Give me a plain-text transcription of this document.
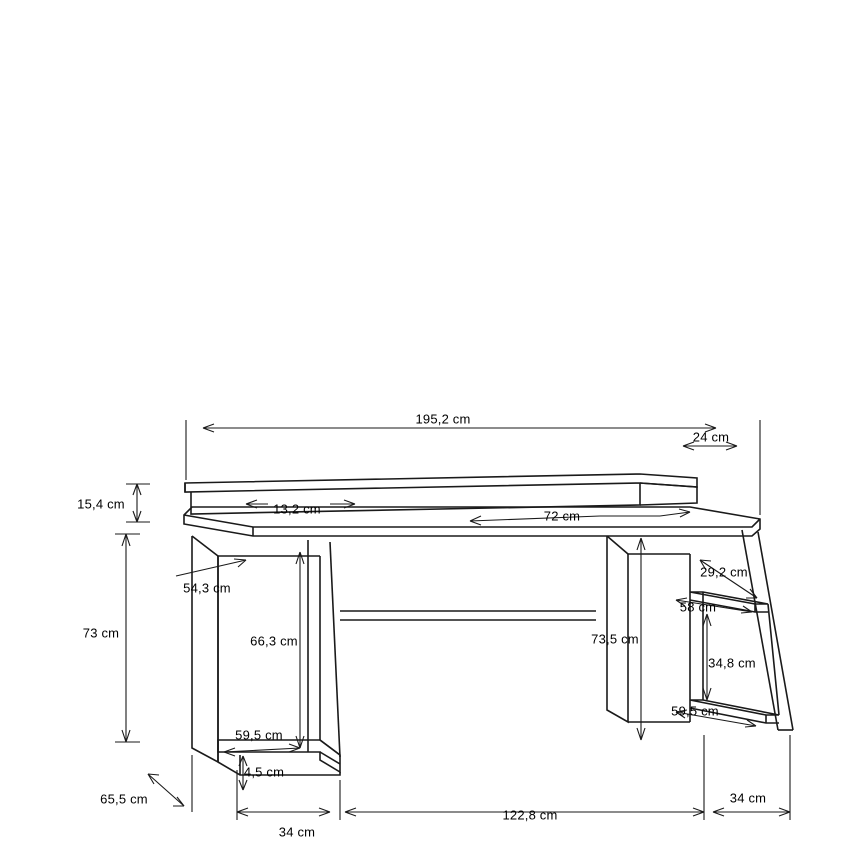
195,2 cm
24 cm
15,4 cm	13,2 cm	72 cm
54,3 cm
73 cm
66,3 cm	73,5 cm
29,2 cm
58 cm
34,8 cm
59,5 cm
59,5 cm
4,5 cm
65,5 cm	34 cm
122,8 cm
34 cm
